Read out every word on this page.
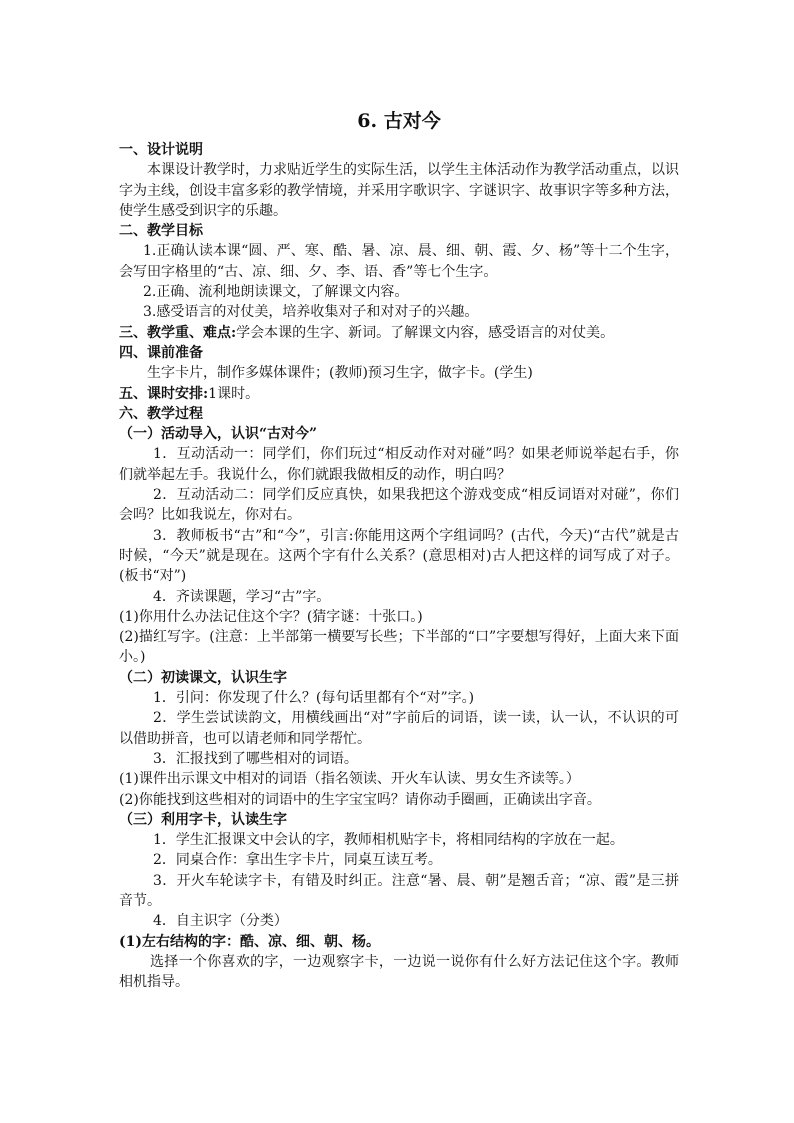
6. 古对今

一、设计说明

本课设计教学时，力求贴近学生的实际生活，以学生主体活动作为教学活动重点，以识字为主线，创设丰富多彩的教学情境，并采用字歌识字、字谜识字、故事识字等多种方法，使学生感受到识字的乐趣。

二、教学目标

1.正确认读本课“圆、严、寒、酷、暑、凉、晨、细、朝、霞、夕、杨”等十二个生字，会写田字格里的“古、凉、细、夕、李、语、香”等七个生字。

2.正确、流利地朗读课文，了解课文内容。

3.感受语言的对仗美，培养收集对子和对对子的兴趣。

三、教学重、难点:学会本课的生字、新词。了解课文内容，感受语言的对仗美。

四、课前准备

生字卡片，制作多媒体课件；(教师)预习生字，做字卡。(学生)

五、课时安排:1课时。

六、教学过程

（一）活动导入，认识“古对今”

1．互动活动一：同学们，你们玩过“相反动作对对碰”吗？如果老师说举起右手，你们就举起左手。我说什么，你们就跟我做相反的动作，明白吗？

2．互动活动二：同学们反应真快，如果我把这个游戏变成“相反词语对对碰”，你们会吗？比如我说左，你对右。

3．教师板书“古”和“今”，引言:你能用这两个字组词吗？(古代，今天)“古代”就是古时候，“今天”就是现在。这两个字有什么关系？(意思相对)古人把这样的词写成了对子。(板书“对”)

4．齐读课题，学习“古”字。

(1)你用什么办法记住这个字？(猜字谜：十张口。)

(2)描红写字。(注意：上半部第一横要写长些；下半部的“口”字要想写得好，上面大来下面小。)

（二）初读课文，认识生字

1．引问：你发现了什么？(每句话里都有个“对”字。)

2．学生尝试读韵文，用横线画出“对”字前后的词语，读一读，认一认，不认识的可以借助拼音，也可以请老师和同学帮忙。

3．汇报找到了哪些相对的词语。

(1)课件出示课文中相对的词语（指名领读、开火车认读、男女生齐读等。）

(2)你能找到这些相对的词语中的生字宝宝吗？请你动手圈画，正确读出字音。

（三）利用字卡，认读生字

1．学生汇报课文中会认的字，教师相机贴字卡，将相同结构的字放在一起。

2．同桌合作：拿出生字卡片，同桌互读互考。

3．开火车轮读字卡，有错及时纠正。注意“暑、晨、朝”是翘舌音；“凉、霞”是三拼音节。

4．自主识字（分类）

(1)左右结构的字：酷、凉、细、朝、杨。

选择一个你喜欢的字，一边观察字卡，一边说一说你有什么好方法记住这个字。教师相机指导。
